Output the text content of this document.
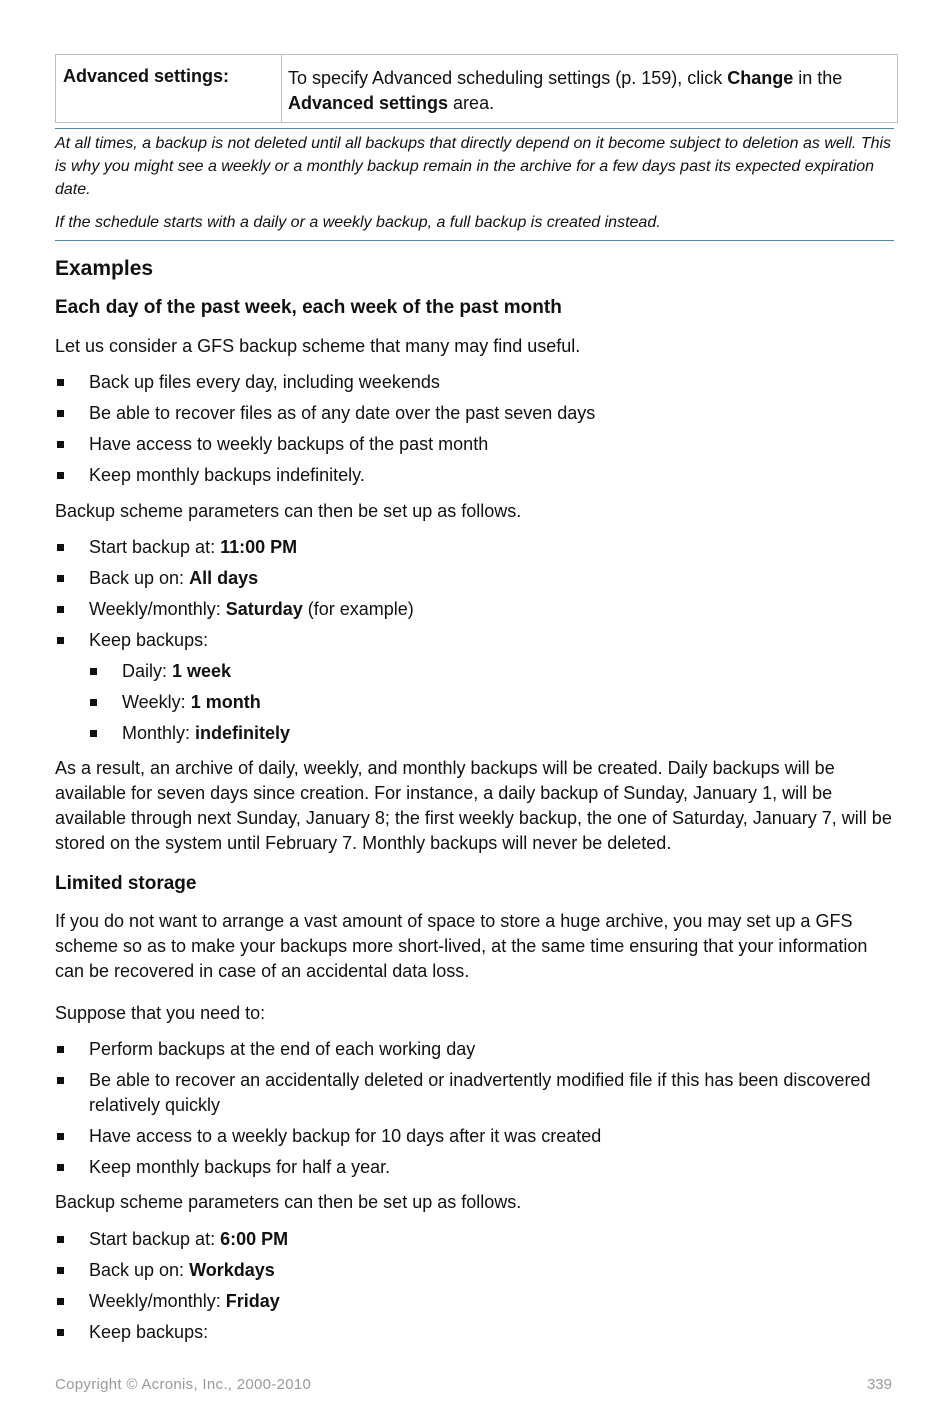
Advanced settings:	To specify Advanced scheduling settings (p. 159), click Change in the Advanced settings area.

At all times, a backup is not deleted until all backups that directly depend on it become subject to deletion as well. This is why you might see a weekly or a monthly backup remain in the archive for a few days past its expected expiration date.

If the schedule starts with a daily or a weekly backup, a full backup is created instead.

Examples
Each day of the past week, each week of the past month
Let us consider a GFS backup scheme that many may find useful.
Back up files every day, including weekends
Be able to recover files as of any date over the past seven days
Have access to weekly backups of the past month
Keep monthly backups indefinitely.
Backup scheme parameters can then be set up as follows.
Start backup at: 11:00 PM
Back up on: All days
Weekly/monthly: Saturday (for example)
Keep backups:
Daily: 1 week
Weekly: 1 month
Monthly: indefinitely
As a result, an archive of daily, weekly, and monthly backups will be created. Daily backups will be available for seven days since creation. For instance, a daily backup of Sunday, January 1, will be available through next Sunday, January 8; the first weekly backup, the one of Saturday, January 7, will be stored on the system until February 7. Monthly backups will never be deleted.
Limited storage
If you do not want to arrange a vast amount of space to store a huge archive, you may set up a GFS scheme so as to make your backups more short-lived, at the same time ensuring that your information can be recovered in case of an accidental data loss.
Suppose that you need to:
Perform backups at the end of each working day
Be able to recover an accidentally deleted or inadvertently modified file if this has been discovered relatively quickly
Have access to a weekly backup for 10 days after it was created
Keep monthly backups for half a year.
Backup scheme parameters can then be set up as follows.
Start backup at: 6:00 PM
Back up on: Workdays
Weekly/monthly: Friday
Keep backups:
Copyright © Acronis, Inc., 2000-2010	339
